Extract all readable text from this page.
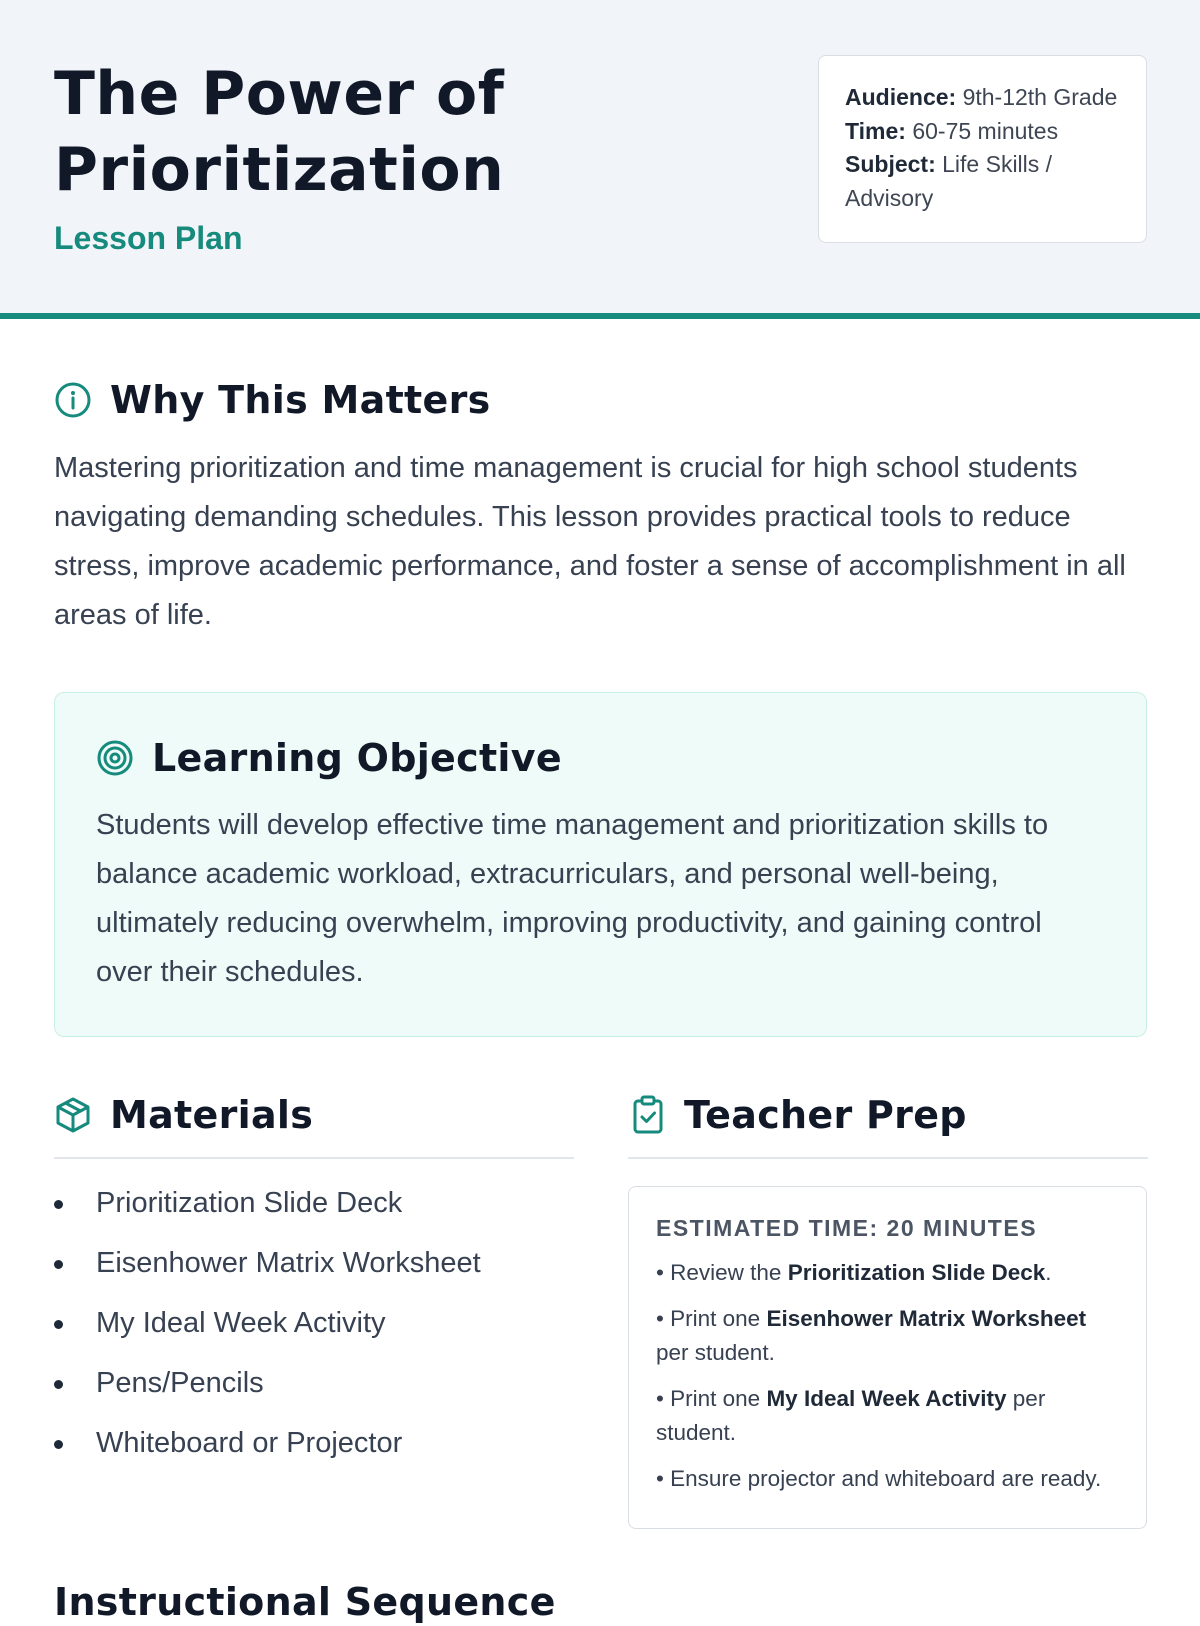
The Power of Prioritization
Lesson Plan
Audience: 9th-12th Grade
Time: 60-75 minutes
Subject: Life Skills / Advisory
Why This Matters

Mastering prioritization and time management is crucial for high school students navigating demanding schedules. This lesson provides practical tools to reduce stress, improve academic performance, and foster a sense of accomplishment in all areas of life.

Learning Objective

Students will develop effective time management and prioritization skills to balance academic workload, extracurriculars, and personal well-being, ultimately reducing overwhelm, improving productivity, and gaining control over their schedules.

Materials
Prioritization Slide Deck
Eisenhower Matrix Worksheet
My Ideal Week Activity
Pens/Pencils
Whiteboard or Projector
Teacher Prep
ESTIMATED TIME: 20 MINUTES
• Review the Prioritization Slide Deck.
• Print one Eisenhower Matrix Worksheet per student.
• Print one My Ideal Week Activity per student.
• Ensure projector and whiteboard are ready.
Instructional Sequence
